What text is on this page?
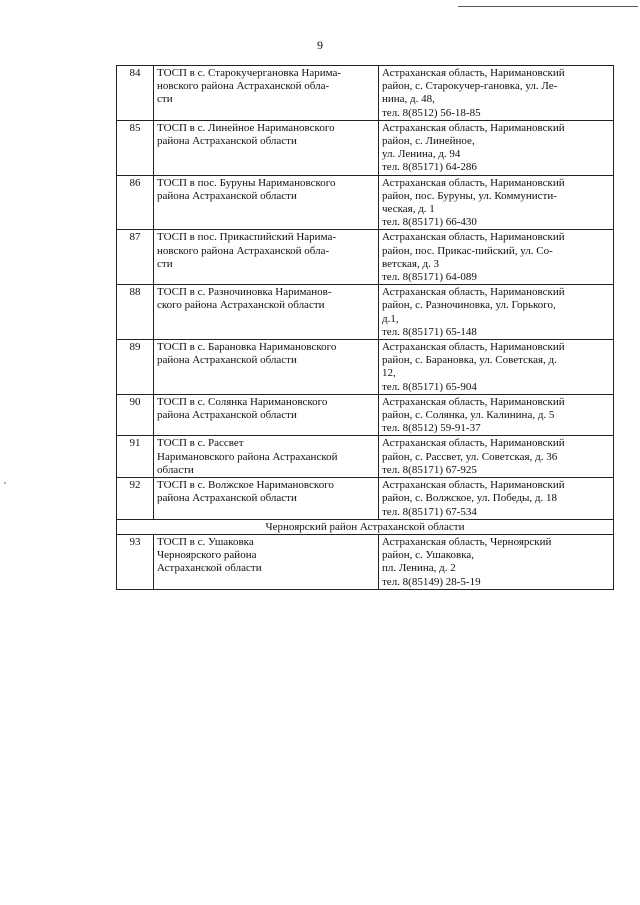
9
84	ТОСП в с. Старокучергановка Нарима-
новского района Астраханской обла-
сти	Астраханская область, Наримановский
район, с. Старокучер-гановка, ул. Ле-
нина, д. 48,
тел. 8(8512) 56-18-85

85	ТОСП в с. Линейное Наримановского
района Астраханской области	Астраханская область, Наримановский
район, с. Линейное,
ул. Ленина, д. 94
тел. 8(85171) 64-286

86	ТОСП в пос. Буруны Наримановского
района Астраханской области	Астраханская область, Наримановский
район, пос. Буруны, ул. Коммунисти-
ческая, д. 1
тел. 8(85171) 66-430

87	ТОСП в пос. Прикаспийский Нарима-
новского района Астраханской обла-
сти	Астраханская область, Наримановский
район, пос. Прикас-пийский, ул. Со-
ветская, д. 3
тел. 8(85171) 64-089

88	ТОСП в с. Разночиновка Нариманов-
ского района Астраханской области	Астраханская область, Наримановский
район, с. Разночиновка, ул. Горького,
д.1,
тел. 8(85171) 65-148

89	ТОСП в с. Барановка Наримановского
района Астраханской области	Астраханская область, Наримановский
район, с. Барановка, ул. Советская, д.
12,
тел. 8(85171) 65-904

90	ТОСП в с. Солянка Наримановского
района Астраханской области	Астраханская область, Наримановский
район, с. Солянка, ул. Калинина, д. 5
тел. 8(8512) 59-91-37

91	ТОСП в с. Рассвет
Наримановского района Астраханской
области	Астраханская область, Наримановский
район, с. Рассвет, ул. Советская, д. 36
тел. 8(85171) 67-925

92	ТОСП в с. Волжское Наримановского
района Астраханской области	Астраханская область, Наримановский
район, с. Волжское, ул. Победы, д. 18
тел. 8(85171) 67-534

Черноярский район Астраханской области		
93	ТОСП в с. Ушаковка
Черноярского района
Астраханской области	Астраханская область, Черноярский
район, с. Ушаковка,
пл. Ленина, д. 2
тел. 8(85149) 28-5-19
